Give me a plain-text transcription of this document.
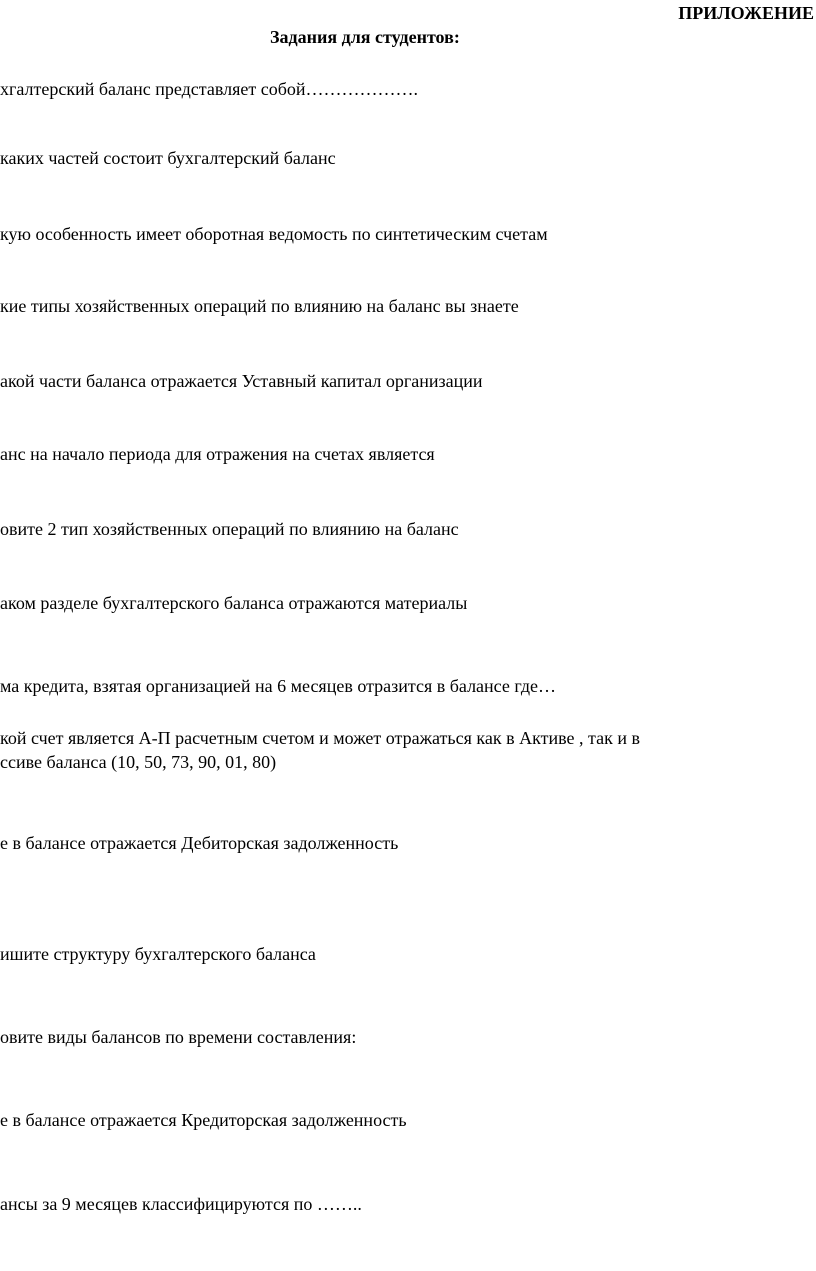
ПРИЛОЖЕНИЕ
Задания для студентов:
хгалтерский баланс представляет собой……………….
каких частей состоит бухгалтерский баланс
кую особенность имеет оборотная ведомость по синтетическим счетам
кие типы хозяйственных операций по влиянию на баланс вы знаете
акой части баланса отражается Уставный капитал организации
анс на начало периода для отражения на счетах является
овите 2 тип хозяйственных операций по влиянию на баланс
аком разделе бухгалтерского баланса отражаются материалы
ма кредита, взятая организацией на 6 месяцев отразится в балансе где…
кой счет является А-П расчетным счетом и может отражаться как в Активе , так и в
ссиве баланса (10, 50, 73, 90, 01, 80)
е в балансе отражается Дебиторская задолженность
ишите структуру бухгалтерского баланса
овите виды балансов по времени составления:
е в балансе отражается Кредиторская задолженность
ансы за 9 месяцев классифицируются по ……..
